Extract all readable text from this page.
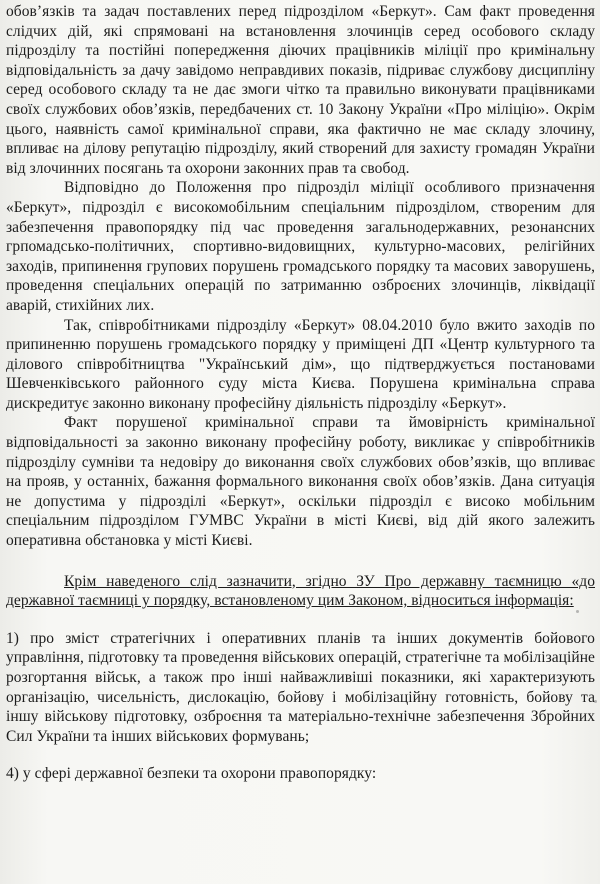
обов’язків та задач поставлених перед підрозділом «Беркут». Сам факт проведення слідчих дій, які спрямовані на встановлення злочинців серед особового складу підрозділу та постійні попередження діючих працівників міліції про кримінальну відповідальність за дачу завідомо неправдивих показів, підриває службову дисципліну серед особового складу та не дає змоги чітко та правильно виконувати працівниками своїх службових обов’язків, передбачених ст. 10 Закону України «Про міліцію». Окрім цього, наявність самої кримінальної справи, яка фактично не має складу злочину, впливає на ділову репутацію підрозділу, який створений для захисту громадян України від злочинних посягань та охорони законних прав та свобод.

Відповідно до Положення про підрозділ міліції особливого призначення «Беркут», підрозділ є високомобільним спеціальним підрозділом, створеним для забезпечення правопорядку під час проведення загальнодержавних, резонансних грпомадсько-політичних, спортивно-видовищних, культурно-масових, релігійних заходів, припинення групових порушень громадського порядку та масових заворушень, проведення спеціальних операцій по затриманню озброєних злочинців, ліквідації аварій, стихійних лих.

Так, співробітниками підрозділу «Беркут» 08.04.2010 було вжито заходів по припиненню порушень громадського порядку у приміщені ДП «Центр культурного та ділового співробітництва "Український дім», що підтверджується постановами Шевченківського районного суду міста Києва. Порушена кримінальна справа дискредитує законно виконану професійну діяльність підрозділу «Беркут».

Факт порушеної кримінальної справи та ймовірність кримінальної відповідальності за законно виконану професійну роботу, викликає у співробітників підрозділу сумніви та недовіру до виконання своїх службових обов’язків, що впливає на прояв, у останніх, бажання формального виконання своїх обов’язків. Дана ситуація не допустима у підрозділі «Беркут», оскільки підрозділ є високо мобільним спеціальним підрозділом ГУМВС України в місті Києві, від дій якого залежить оперативна обстановка у місті Києві.

Крім наведеного слід зазначити, згідно ЗУ Про державну таємницю «до державної таємниці у порядку, встановленому цим Законом, відноситься інформація:

1) про зміст стратегічних і оперативних планів та інших документів бойового управління, підготовку та проведення військових операцій, стратегічне та мобілізаційне розгортання військ, а також про інші найважливіші показники, які характеризують організацію, чисельність, дислокацію, бойову і мобілізаційну готовність, бойову та іншу військову підготовку, озброєння та матеріально-технічне забезпечення Збройних Сил України та інших військових формувань;

4) у сфері державної безпеки та охорони правопорядку:
